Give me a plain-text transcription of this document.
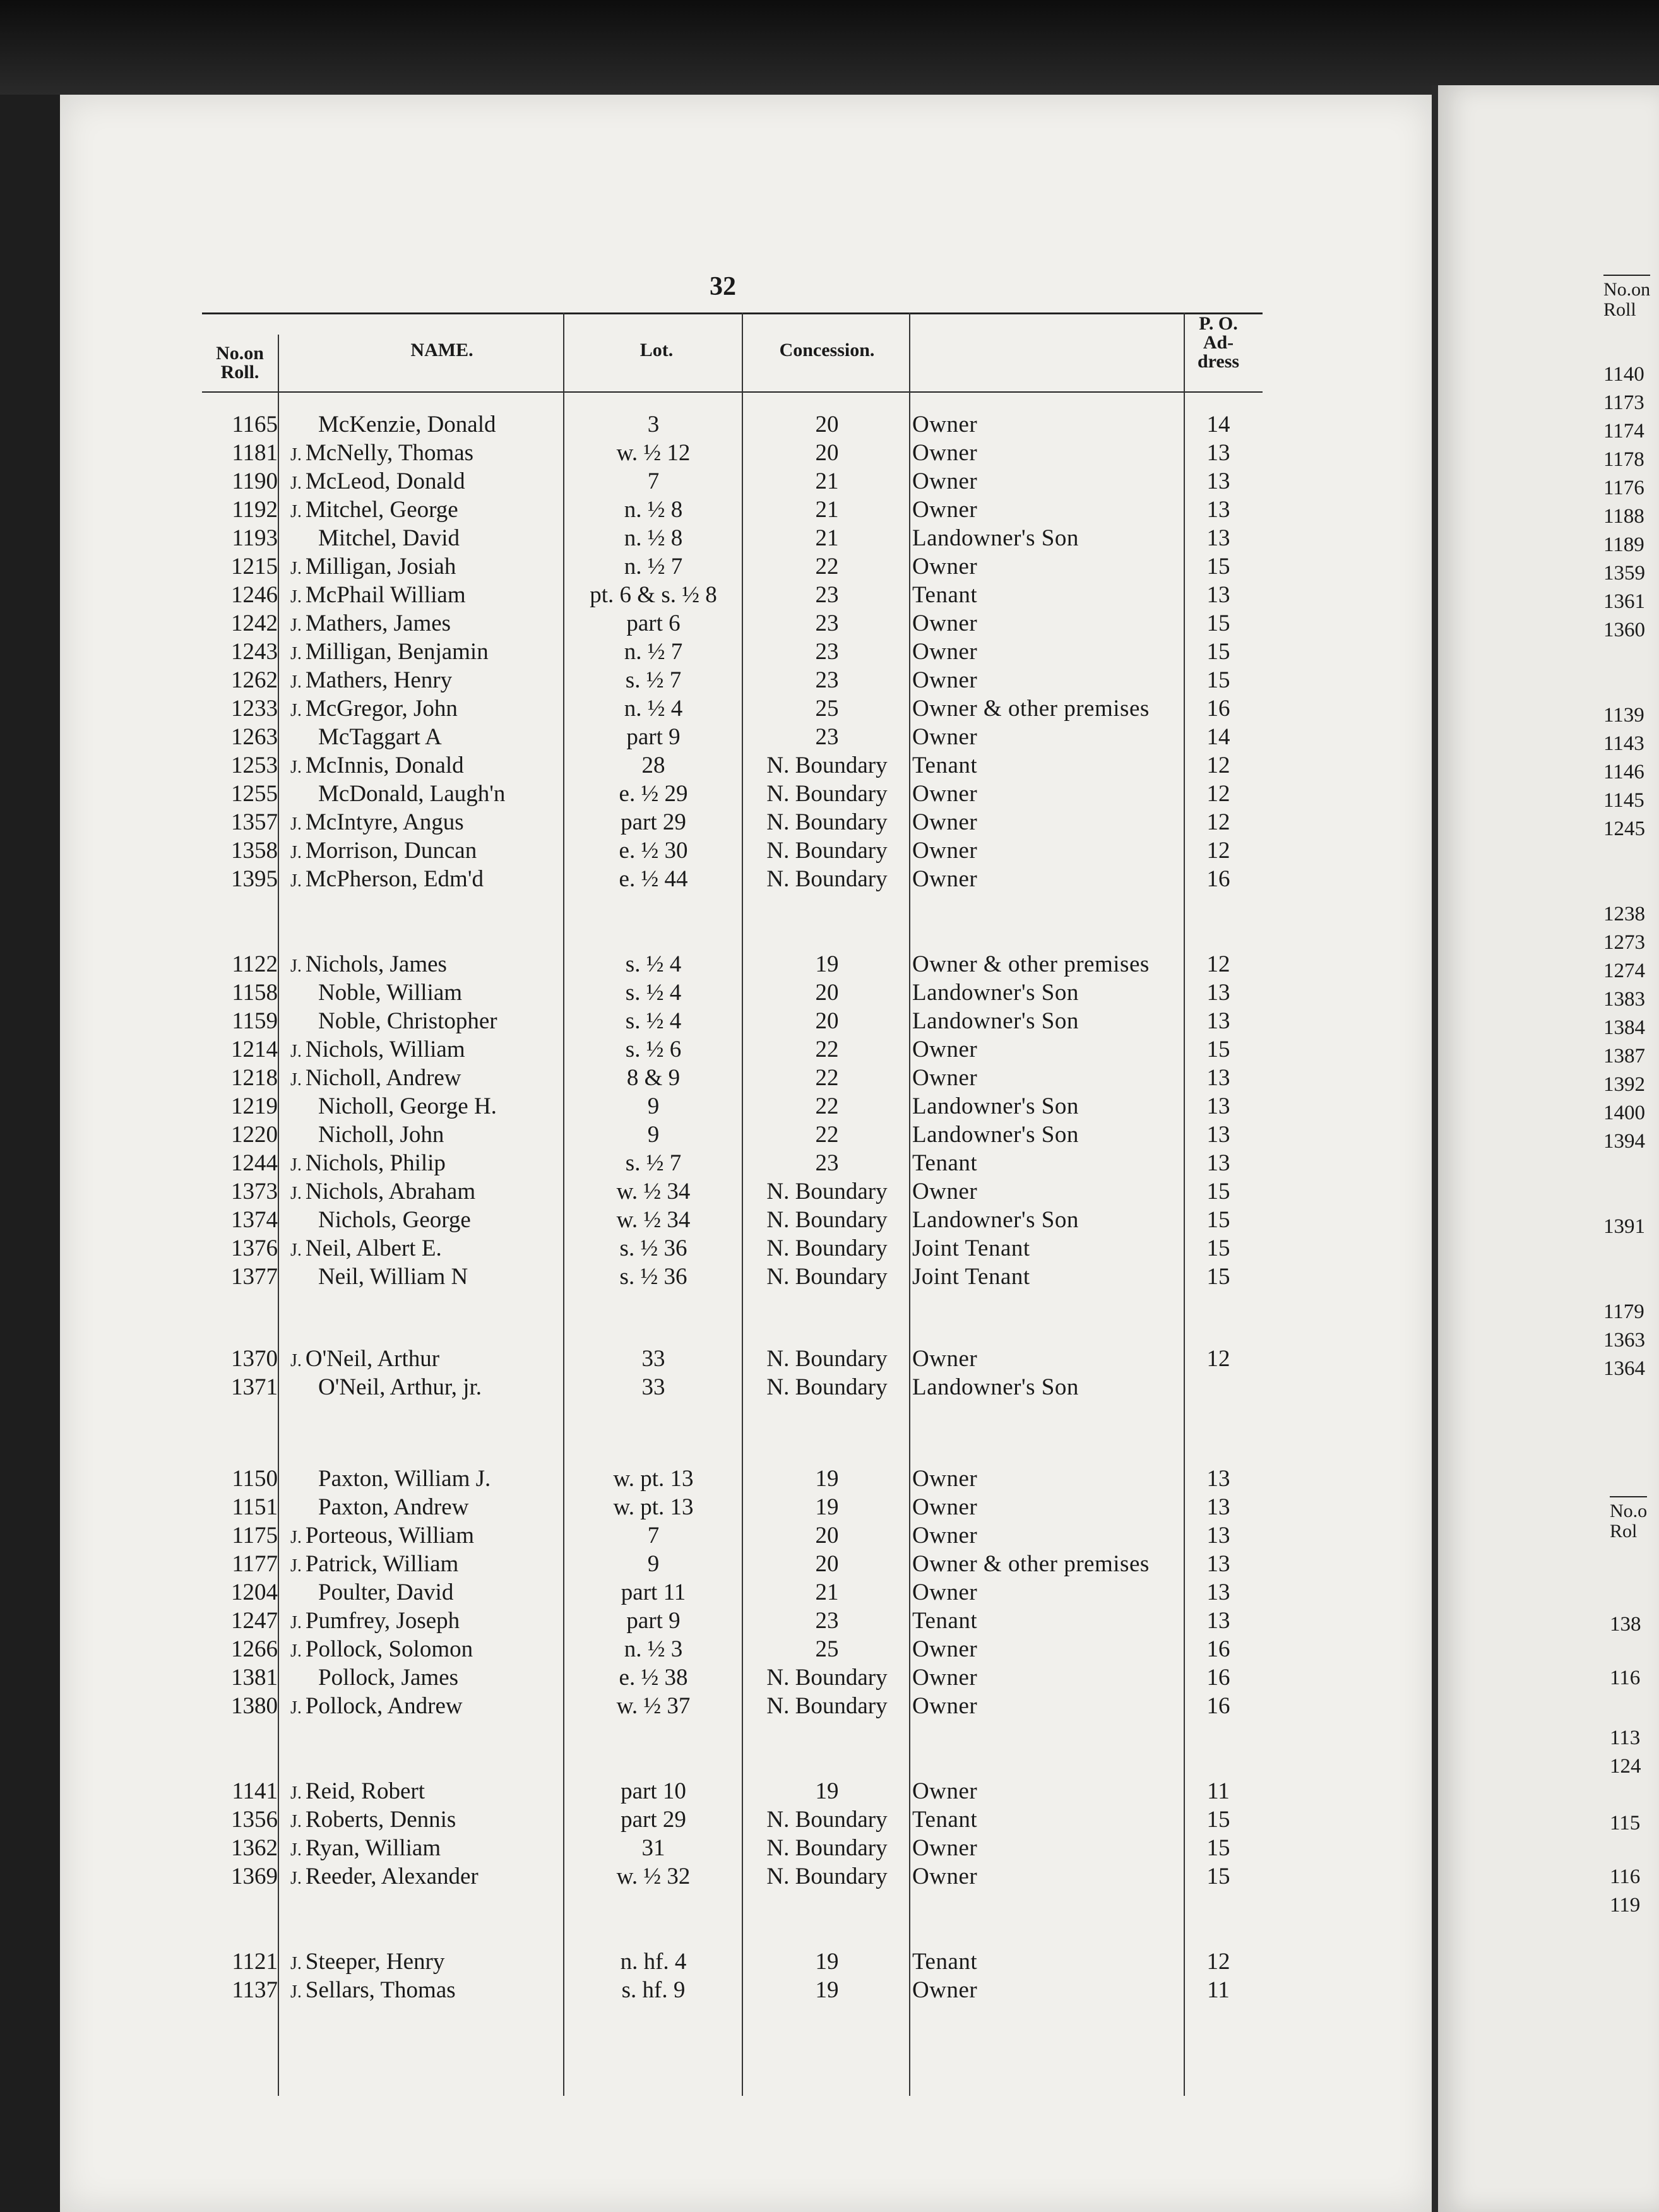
No.on
Roll
1140
1173
1174
1178
1176
1188
1189
1359
1361
1360
1139
1143
1146
1145
1245
1238
1273
1274
1383
1384
1387
1392
1400
1394
1391
1179
1363
1364
No.o
Rol
138
116
113
124
115
116
119
32
No.on
Roll.
NAME.	Lot.	Concession.
P. O.
Ad-
dress
1165	McKenzie, Donald	3	20	Owner	14
1181 J. McNelly, Thomas	w. ½ 12	20	Owner	13
1190 J. McLeod, Donald	7	21	Owner	13
1192 J. Mitchel, George	n. ½ 8	21	Owner	13
1193	Mitchel, David	n. ½ 8	21	Landowner's Son	13
1215 J. Milligan, Josiah	n. ½ 7	22	Owner	15
1246 J. McPhail William	pt. 6 & s. ½ 8	23	Tenant	13
1242 J. Mathers, James	part 6	23	Owner	15
1243 J. Milligan, Benjamin	n. ½ 7	23	Owner	15
1262 J. Mathers, Henry	s. ½ 7	23	Owner	15
1233 J. McGregor, John	n. ½ 4	25	Owner & other premises	16
1263	McTaggart A	part 9	23	Owner	14
1253 J. McInnis, Donald	28	N. Boundary	Tenant	12
1255	McDonald, Laugh'n	e. ½ 29	N. Boundary	Owner	12
1357 J. McIntyre, Angus	part 29	N. Boundary	Owner	12
1358 J. Morrison, Duncan	e. ½ 30	N. Boundary	Owner	12
1395 J. McPherson, Edm'd	e. ½ 44	N. Boundary	Owner	16
1122 J. Nichols, James	s. ½ 4	19	Owner & other premises	12
1158	Noble, William	s. ½ 4	20	Landowner's Son	13
1159	Noble, Christopher	s. ½ 4	20	Landowner's Son	13
1214 J. Nichols, William	s. ½ 6	22	Owner	15
1218 J. Nicholl, Andrew	8 & 9	22	Owner	13
1219	Nicholl, George H.	9	22	Landowner's Son	13
1220	Nicholl, John	9	22	Landowner's Son	13
1244 J. Nichols, Philip	s. ½ 7	23	Tenant	13
1373 J. Nichols, Abraham	w. ½ 34	N. Boundary	Owner	15
1374	Nichols, George	w. ½ 34	N. Boundary	Landowner's Son	15
1376 J. Neil, Albert E.	s. ½ 36	N. Boundary	Joint Tenant	15
1377	Neil, William N	s. ½ 36	N. Boundary	Joint Tenant	15
1370 J. O'Neil, Arthur	33	N. Boundary	Owner	12
1371	O'Neil, Arthur, jr.	33	N. Boundary	Landowner's Son
1150	Paxton, William J.	w. pt. 13	19	Owner	13
1151	Paxton, Andrew	w. pt. 13	19	Owner	13
1175 J. Porteous, William	7	20	Owner	13
1177 J. Patrick, William	9	20	Owner & other premises	13
1204	Poulter, David	part 11	21	Owner	13
1247 J. Pumfrey, Joseph	part 9	23	Tenant	13
1266 J. Pollock, Solomon	n. ½ 3	25	Owner	16
1381	Pollock, James	e. ½ 38	N. Boundary	Owner	16
1380 J. Pollock, Andrew	w. ½ 37	N. Boundary	Owner	16
1141 J. Reid, Robert	part 10	19	Owner	11
1356 J. Roberts, Dennis	part 29	N. Boundary	Tenant	15
1362 J. Ryan, William	31	N. Boundary	Owner	15
1369 J. Reeder, Alexander	w. ½ 32	N. Boundary	Owner	15
1121 J. Steeper, Henry	n. hf. 4	19	Tenant	12
1137 J. Sellars, Thomas	s. hf. 9	19	Owner	11
